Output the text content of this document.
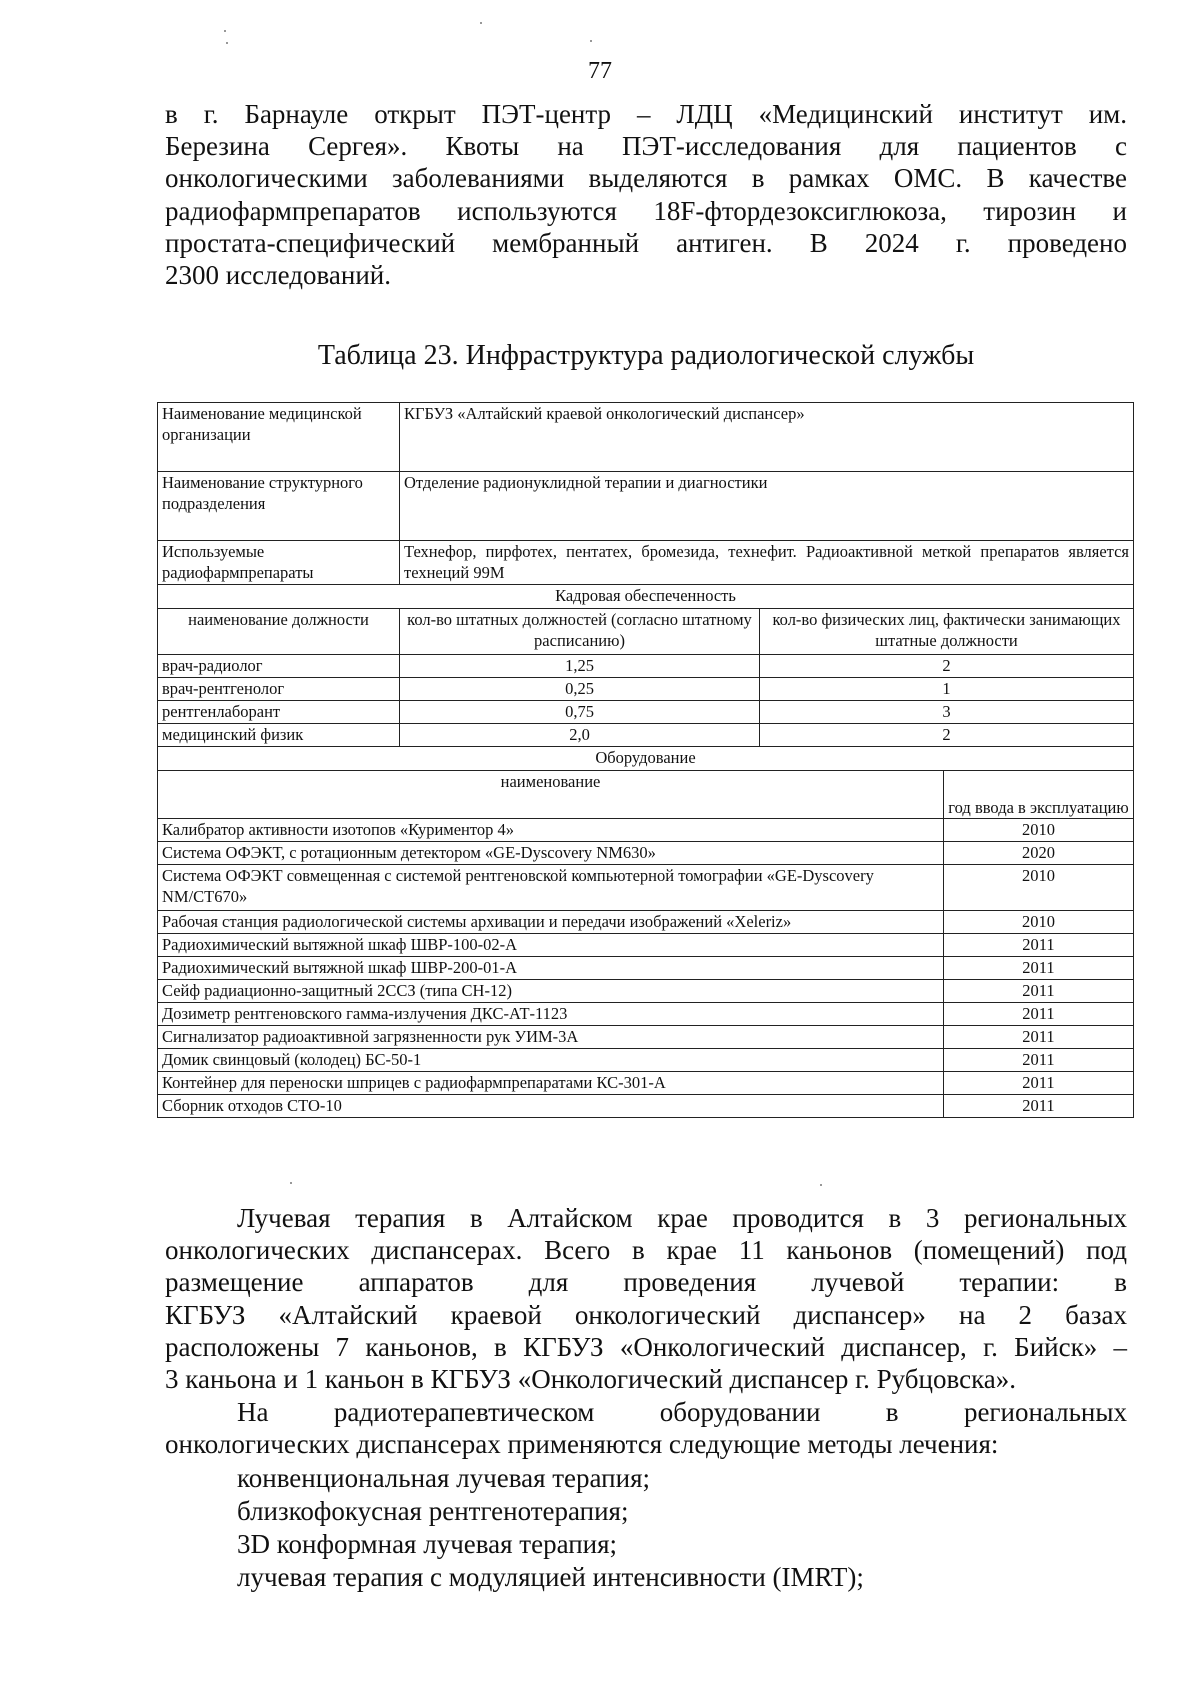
77

в г. Барнауле открыт ПЭТ-центр – ЛДЦ «Медицинский институт им.
Березина Сергея». Квоты на ПЭТ-исследования для пациентов с
онкологическими заболеваниями выделяются в рамках ОМС. В качестве
радиофармпрепаратов используются 18F-фтордезоксиглюкоза, тирозин и
простата-специфический мембранный антиген. В 2024 г. проведено
2300 исследований.

Таблица 23. Инфраструктура радиологической службы
Наименование медицинской организации	КГБУЗ «Алтайский краевой онкологический диспансер»		
Наименование структурного подразделения	Отделение радионуклидной терапии и диагностики		
Используемые радиофармпрепараты	Технефор, пирфотех, пентатех, бромезида, технефит. Радиоактивной меткой препаратов является технеций 99М		
Кадровая обеспеченность			
наименование должности	кол-во штатных должностей (согласно штатному расписанию)	кол-во физических лиц, фактически занимающих штатные должности	
врач-радиолог	1,25	2	
врач-рентгенолог	0,25	1	
рентгенлаборант	0,75	3	
медицинский физик	2,0	2	
Оборудование			
наименование			год ввода в эксплуатацию
Калибратор активности изотопов «Куриментор 4»			2010
Система ОФЭКТ, с ротационным детектором «GE-Dyscovery NM630»			2020
Система ОФЭКТ совмещенная с системой рентгеновской компьютерной томографии «GE-Dyscovery NM/CT670»			2010
Рабочая станция радиологической системы архивации и передачи изображений «Xeleriz»			2010
Радиохимический вытяжной шкаф ШВР-100-02-А			2011
Радиохимический вытяжной шкаф ШВР-200-01-А			2011
Сейф радиационно-защитный 2ССЗ (типа СН-12)			2011
Дозиметр рентгеновского гамма-излучения ДКС-АТ-1123			2011
Сигнализатор радиоактивной загрязненности рук УИМ-3А			2011
Домик свинцовый (колодец) БС-50-1			2011
Контейнер для переноски шприцев с радиофармпрепаратами КС-301-А			2011
Сборник отходов СТО-10			2011

Лучевая терапия в Алтайском крае проводится в 3 региональных
онкологических диспансерах. Всего в крае 11 каньонов (помещений) под
размещение аппаратов для проведения лучевой терапии: в
КГБУЗ «Алтайский краевой онкологический диспансер» на 2 базах
расположены 7 каньонов, в КГБУЗ «Онкологический диспансер, г. Бийск» –
3 каньона и 1 каньон в КГБУЗ «Онкологический диспансер г. Рубцовска».

На радиотерапевтическом оборудовании в региональных
онкологических диспансерах применяются следующие методы лечения:

конвенциональная лучевая терапия;
близкофокусная рентгенотерапия;
3D конформная лучевая терапия;
лучевая терапия с модуляцией интенсивности (IMRT);
